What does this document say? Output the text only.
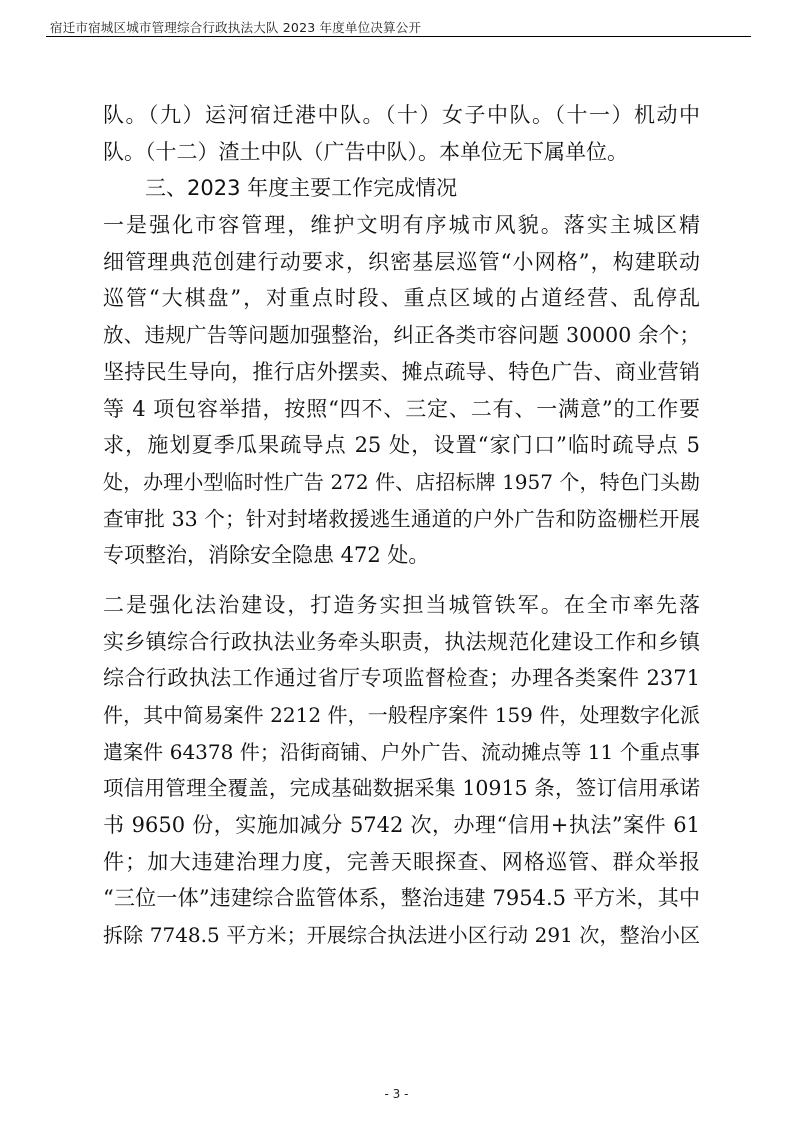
宿迁市宿城区城市管理综合行政执法大队 2023 年度单位决算公开
队。（九）运河宿迁港中队。（十）女子中队。（十一）机动中
队。（十二）渣土中队（广告中队）。本单位无下属单位。
三、2023 年度主要工作完成情况
一是强化市容管理，维护文明有序城市风貌。落实主城区精
细管理典范创建行动要求，织密基层巡管“小网格”，构建联动
巡管“大棋盘”，对重点时段、重点区域的占道经营、乱停乱
放、违规广告等问题加强整治，纠正各类市容问题 30000 余个；
坚持民生导向，推行店外摆卖、摊点疏导、特色广告、商业营销
等 4 项包容举措，按照“四不、三定、二有、一满意”的工作要
求，施划夏季瓜果疏导点 25 处，设置“家门口”临时疏导点 5
处，办理小型临时性广告 272 件、店招标牌 1957 个，特色门头勘
查审批 33 个；针对封堵救援逃生通道的户外广告和防盗栅栏开展
专项整治，消除安全隐患 472 处。
二是强化法治建设，打造务实担当城管铁军。在全市率先落
实乡镇综合行政执法业务牵头职责，执法规范化建设工作和乡镇
综合行政执法工作通过省厅专项监督检查；办理各类案件 2371
件，其中简易案件 2212 件，一般程序案件 159 件，处理数字化派
遣案件 64378 件；沿街商铺、户外广告、流动摊点等 11 个重点事
项信用管理全覆盖，完成基础数据采集 10915 条，签订信用承诺
书 9650 份，实施加减分 5742 次，办理“信用+执法”案件 61
件；加大违建治理力度，完善天眼探查、网格巡管、群众举报
“三位一体”违建综合监管体系，整治违建 7954.5 平方米，其中
拆除 7748.5 平方米；开展综合执法进小区行动 291 次，整治小区
- 3 -
